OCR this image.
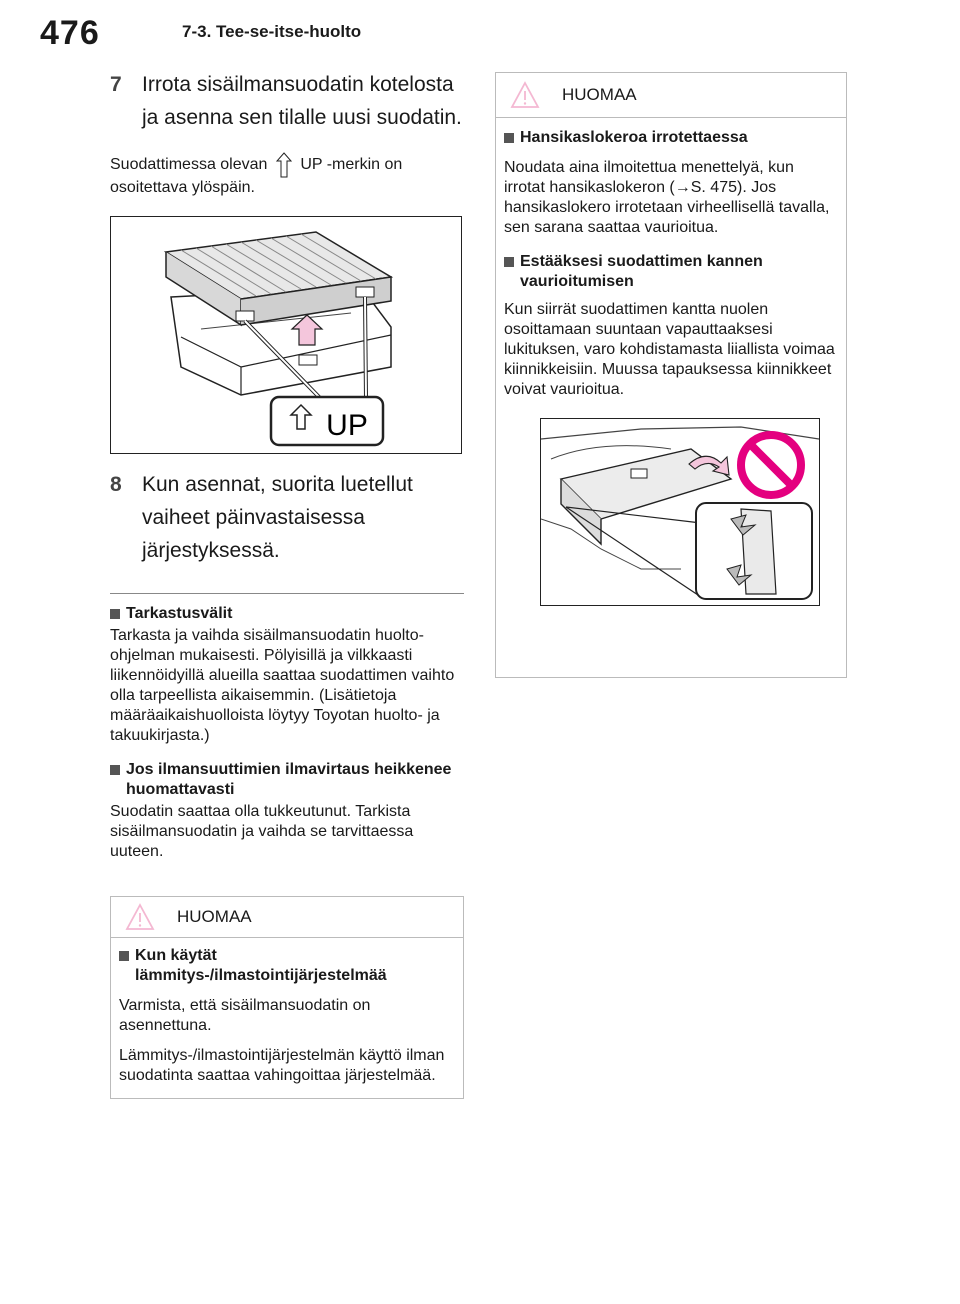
476	7-3. Tee-se-itse-huolto
7 Irrota sisäilmansuodatin kotelosta ja asenna sen tilalle uusi suodatin.
Suodattimessa olevan UP -merkin on osoitettava ylöspäin.
UP
8 Kun asennat, suorita luetellut vaiheet päinvastaisessa järjestyksessä.
Tarkastusvälit
Tarkasta ja vaihda sisäilmansuodatin huolto-ohjelman mukaisesti. Pölyisillä ja vilkkaasti liikennöidyillä alueilla saattaa suodattimen vaihto olla tarpeellista aikaisemmin. (Lisätietoja määräaikaishuolloista löytyy Toyotan huolto- ja takuukirjasta.)
Jos ilmansuuttimien ilmavirtaus heikkenee huomattavasti
Suodatin saattaa olla tukkeutunut. Tarkista sisäilmansuodatin ja vaihda se tarvittaessa uuteen.
HUOMAA
Kun käytät lämmitys-/ilmastointijärjestelmää
Varmista, että sisäilmansuodatin on asennettuna.
Lämmitys-/ilmastointijärjestelmän käyttö ilman suodatinta saattaa vahingoittaa järjestelmää.
HUOMAA
Hansikaslokeroa irrotettaessa
Noudata aina ilmoitettua menettelyä, kun irrotat hansikaslokeron (→S. 475). Jos hansikaslokero irrotetaan virheellisellä tavalla, sen sarana saattaa vaurioitua.
Estääksesi suodattimen kannen vaurioitumisen
Kun siirrät suodattimen kantta nuolen osoittamaan suuntaan vapauttaaksesi lukituksen, varo kohdistamasta liiallista voimaa kiinnikkeisiin. Muussa tapauksessa kiinnikkeet voivat vaurioitua.
